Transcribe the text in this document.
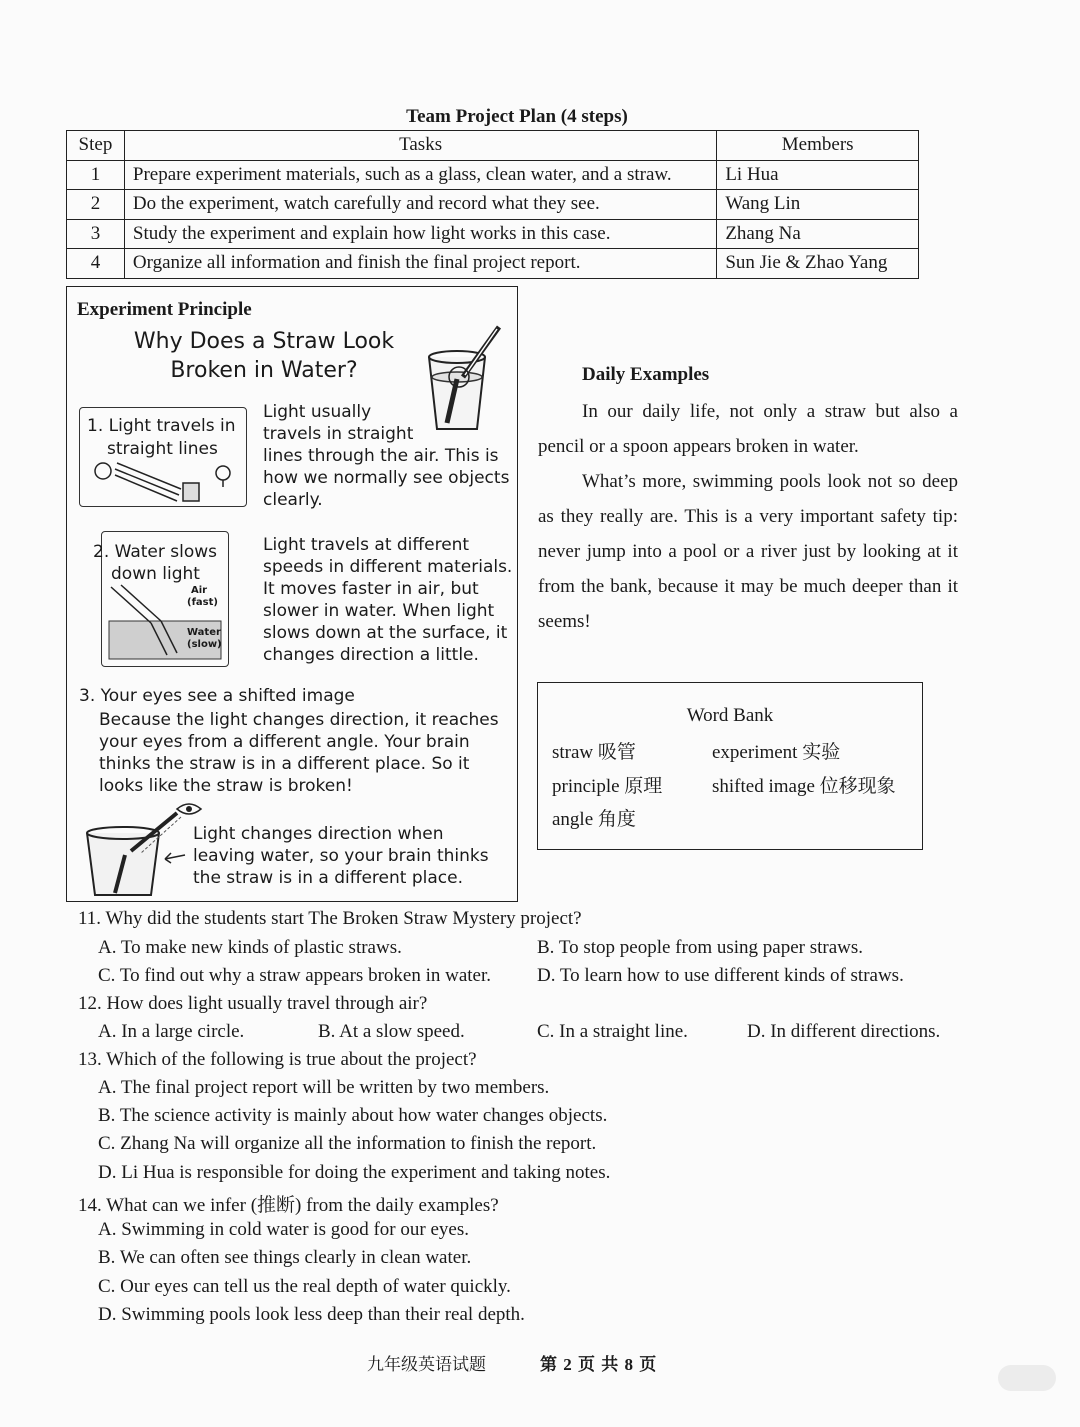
Team Project Plan (4 steps)
Step	Tasks	Members
1	Prepare experiment materials, such as a glass, clean water, and a straw.	Li Hua
2	Do the experiment, watch carefully and record what they see.	Wang Lin
3	Study the experiment and explain how light works in this case.	Zhang Na
4	Organize all information and finish the final project report.	Sun Jie & Zhao Yang
Experiment Principle
Why Does a Straw Look
Broken in Water?
1. Light travels in
straight lines
Light usually
travels in straight
lines through the air. This is
how we normally see objects
clearly.
2. Water slows
down light
Air
(fast)
Water
(slow)
Light travels at different
speeds in different materials.
It moves faster in air, but
slower in water. When light
slows down at the surface, it
changes direction a little.
3. Your eyes see a shifted image
Because the light changes direction, it reaches
your eyes from a different angle. Your brain
thinks the straw is in a different place. So it
looks like the straw is broken!
Light changes direction when
leaving water, so your brain thinks
the straw is in a different place.
Daily Examples

In our daily life, not only a straw but also a pencil or a spoon appears broken in water.

What’s more, swimming pools look not so deep as they really are. This is a very important safety tip: never jump into a pool or a river just by looking at it from the bank, because it may be much deeper than it seems!

Word Bank
straw 吸管	experiment 实验
principle 原理	shifted image 位移现象
angle 角度
11. Why did the students start The Broken Straw Mystery project?
A. To make new kinds of plastic straws.	B. To stop people from using paper straws.
C. To find out why a straw appears broken in water. D. To learn how to use different kinds of straws.
12. How does light usually travel through air?
A. In a large circle.	B. At a slow speed.	C. In a straight line.	D. In different directions.
13. Which of the following is true about the project?
A. The final project report will be written by two members.
B. The science activity is mainly about how water changes objects.
C. Zhang Na will organize all the information to finish the report.
D. Li Hua is responsible for doing the experiment and taking notes.
14. What can we infer (推断) from the daily examples?
A. Swimming in cold water is good for our eyes.
B. We can often see things clearly in clean water.
C. Our eyes can tell us the real depth of water quickly.
D. Swimming pools look less deep than their real depth.
九年级英语试题	第 2 页 共 8 页
